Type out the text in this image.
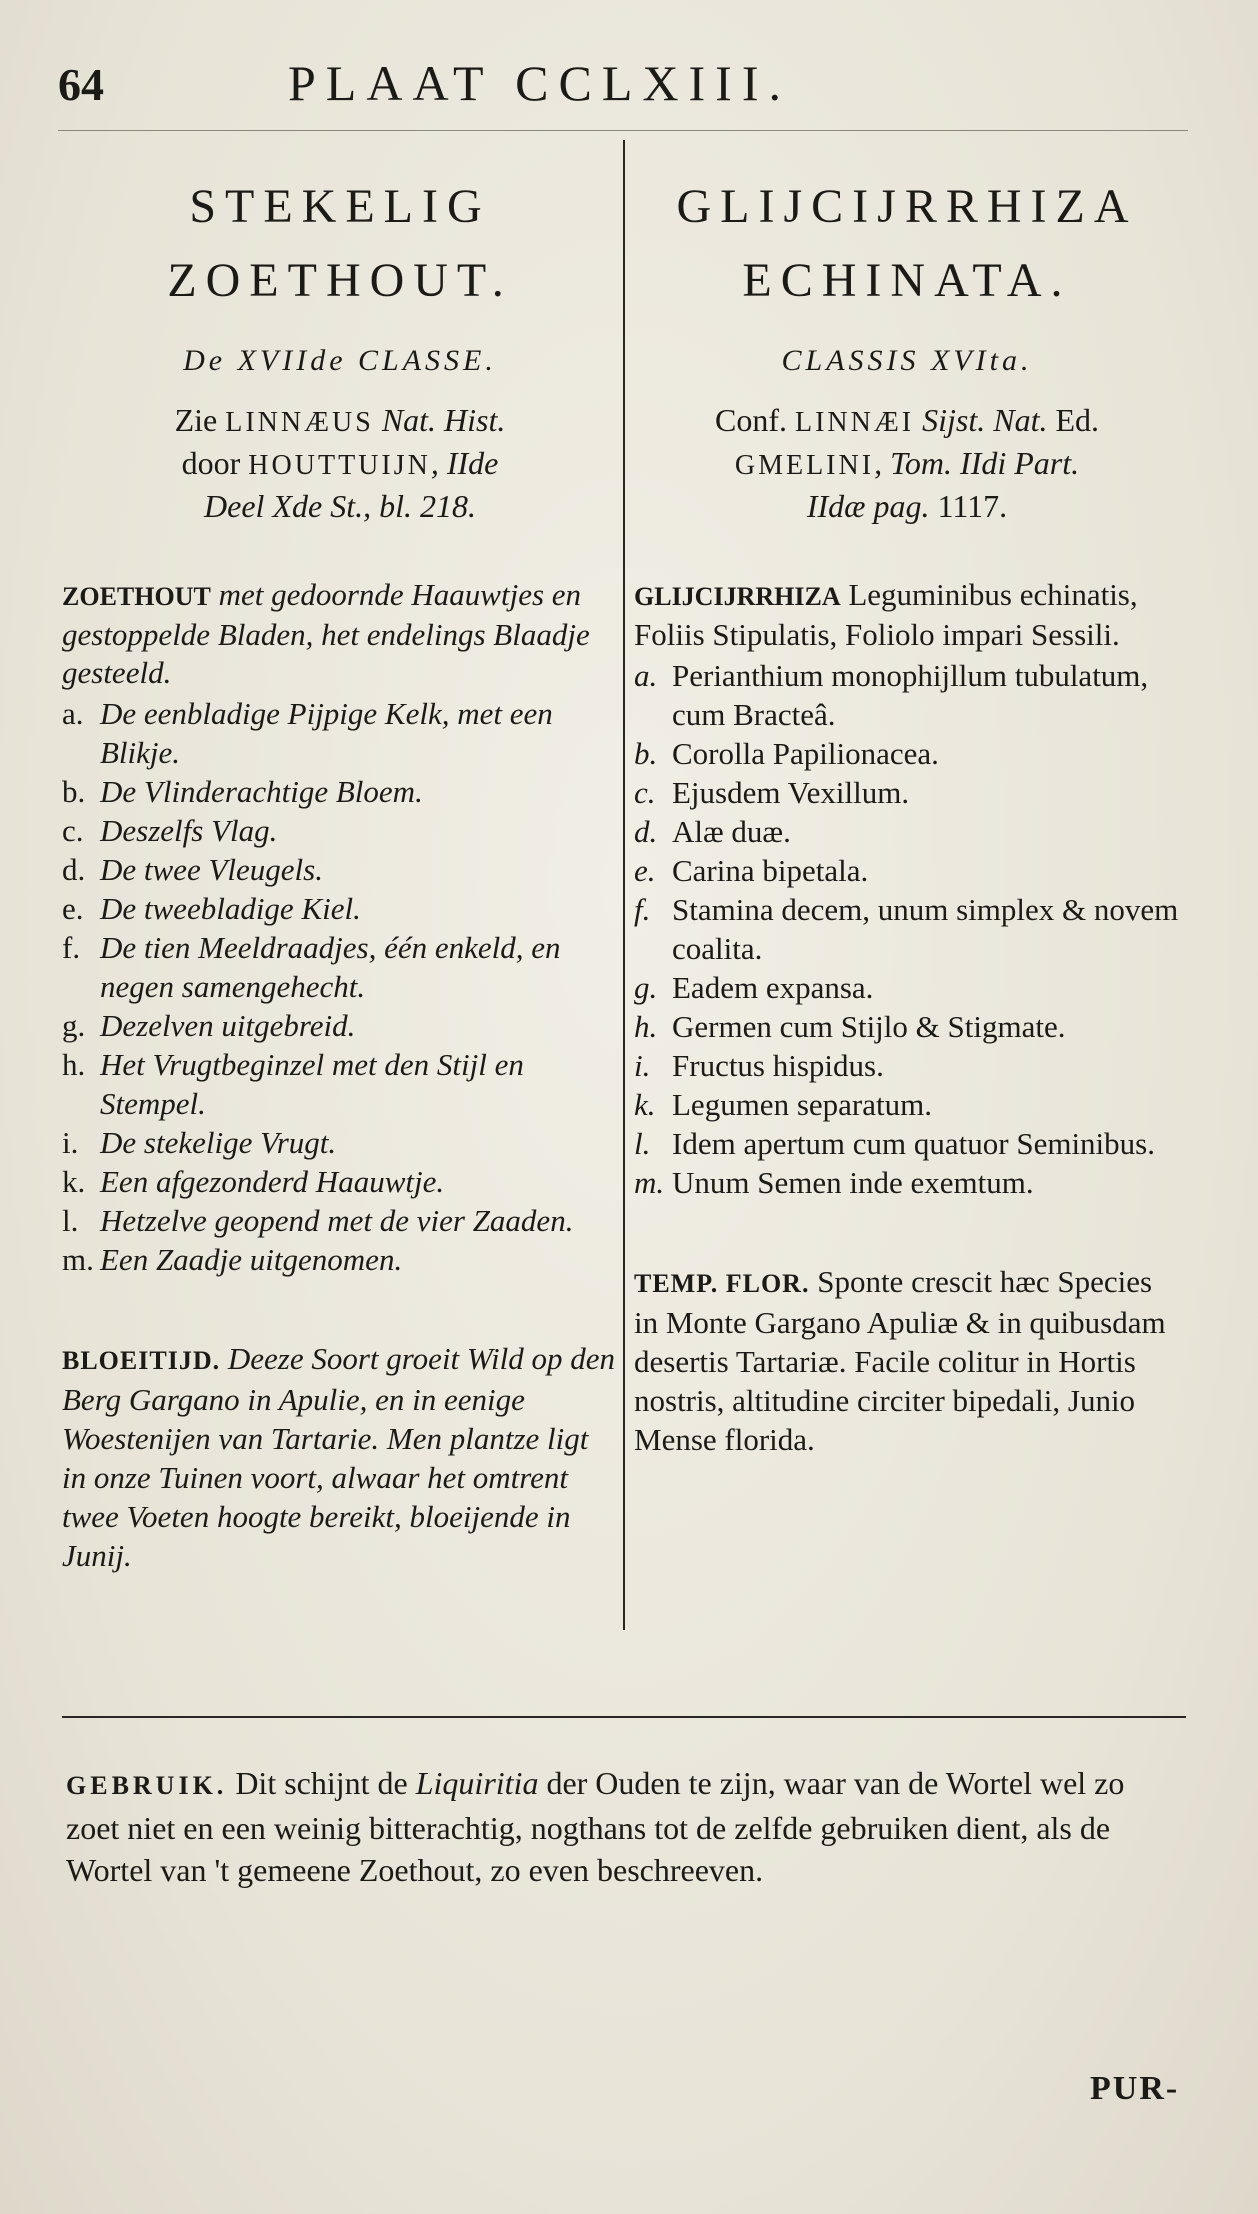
64	PLAAT CCLXIII.

STEKELIG

ZOETHOUT.

De XVIIde CLASSE.
Zie LINNÆUS Nat. Hist.
door HOUTTUIJN, IIde
Deel Xde St., bl. 218.
ZOETHOUT met gedoornde Haauwtjes en gestoppelde Bladen, het endelings Blaadje gesteeld.
a. De eenbladige Pijpige Kelk, met een Blikje.
b. De Vlinderachtige Bloem.
c. Deszelfs Vlag.
d. De twee Vleugels.
e. De tweebladige Kiel.
f. De tien Meeldraadjes, één enkeld, en negen samengehecht.
g. Dezelven uitgebreid.
h. Het Vrugtbeginzel met den Stijl en Stempel.
i. De stekelige Vrugt.
k. Een afgezonderd Haauwtje.
l. Hetzelve geopend met de vier Zaaden.
m. Een Zaadje uitgenomen.
BLOEITIJD. Deeze Soort groeit Wild op den Berg Gargano in Apulie, en in eenige Woestenijen van Tartarie. Men plantze ligt in onze Tuinen voort, alwaar het omtrent twee Voeten hoogte bereikt, bloeijende in Junij.

GLIJCIJRRHIZA

ECHINATA.

CLASSIS XVIta.
Conf. LINNÆI Sijst. Nat. Ed.
GMELINI, Tom. IIdi Part.
IIdæ pag. 1117.
GLIJCIJRRHIZA Leguminibus echinatis, Foliis Stipulatis, Foliolo impari Sessili.
a. Perianthium monophijllum tubulatum, cum Bracteâ.
b. Corolla Papilionacea.
c. Ejusdem Vexillum.
d. Alæ duæ.
e. Carina bipetala.
f. Stamina decem, unum simplex & novem coalita.
g. Eadem expansa.
h. Germen cum Stijlo & Stigmate.
i. Fructus hispidus.
k. Legumen separatum.
l. Idem apertum cum quatuor Seminibus.
m. Unum Semen inde exemtum.
TEMP. FLOR. Sponte crescit hæc Species in Monte Gargano Apuliæ & in quibusdam desertis Tartariæ. Facile colitur in Hortis nostris, altitudine circiter bipedali, Junio Mense florida.
GEBRUIK. Dit schijnt de Liquiritia der Ouden te zijn, waar van de Wortel wel zo zoet niet en een weinig bitterachtig, nogthans tot de zelfde gebruiken dient, als de Wortel van 't gemeene Zoethout, zo even beschreeven.
PUR-
